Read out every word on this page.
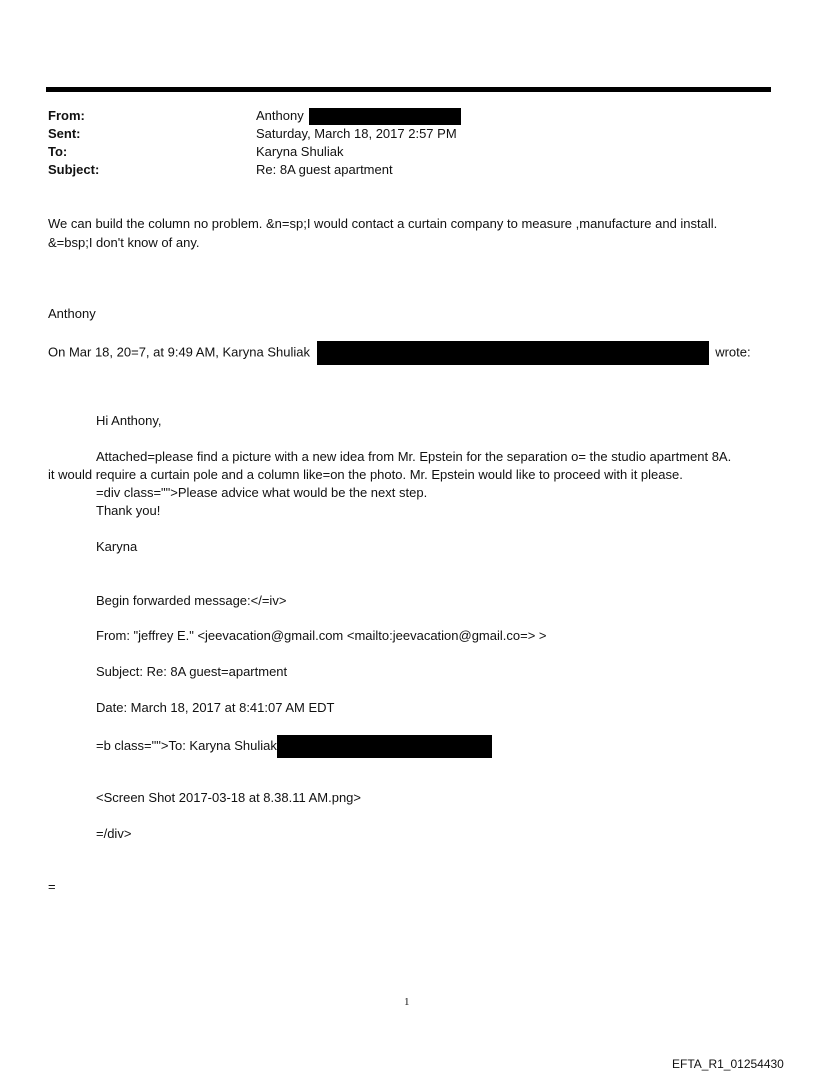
From:	Anthony
Sent:	Saturday, March 18, 2017 2:57 PM
To:	Karyna Shuliak
Subject:	Re: 8A guest apartment
We can build the column no problem. &n=sp;I would contact a curtain company to measure ,manufacture and install.
&=bsp;I don't know of any.
Anthony
On Mar 18, 20=7, at 9:49 AM, Karyna Shuliak	wrote:
Hi Anthony,
Attached=please find a picture with a new idea from Mr. Epstein for the separation o= the studio apartment 8A.
it would require a curtain pole and a column like=on the photo. Mr. Epstein would like to proceed with it please.
=div class="">Please advice what would be the next step.
Thank you!
Karyna
Begin forwarded message:</=iv>
From: "jeffrey E." <jeevacation@gmail.com <mailto:jeevacation@gmail.co=> >
Subject: Re: 8A guest=apartment
Date: March 18, 2017 at 8:41:07 AM EDT
=b class="">To: Karyna Shuliak
<Screen Shot 2017-03-18 at 8.38.11 AM.png>
=/div>
=
1
EFTA_R1_01254430
